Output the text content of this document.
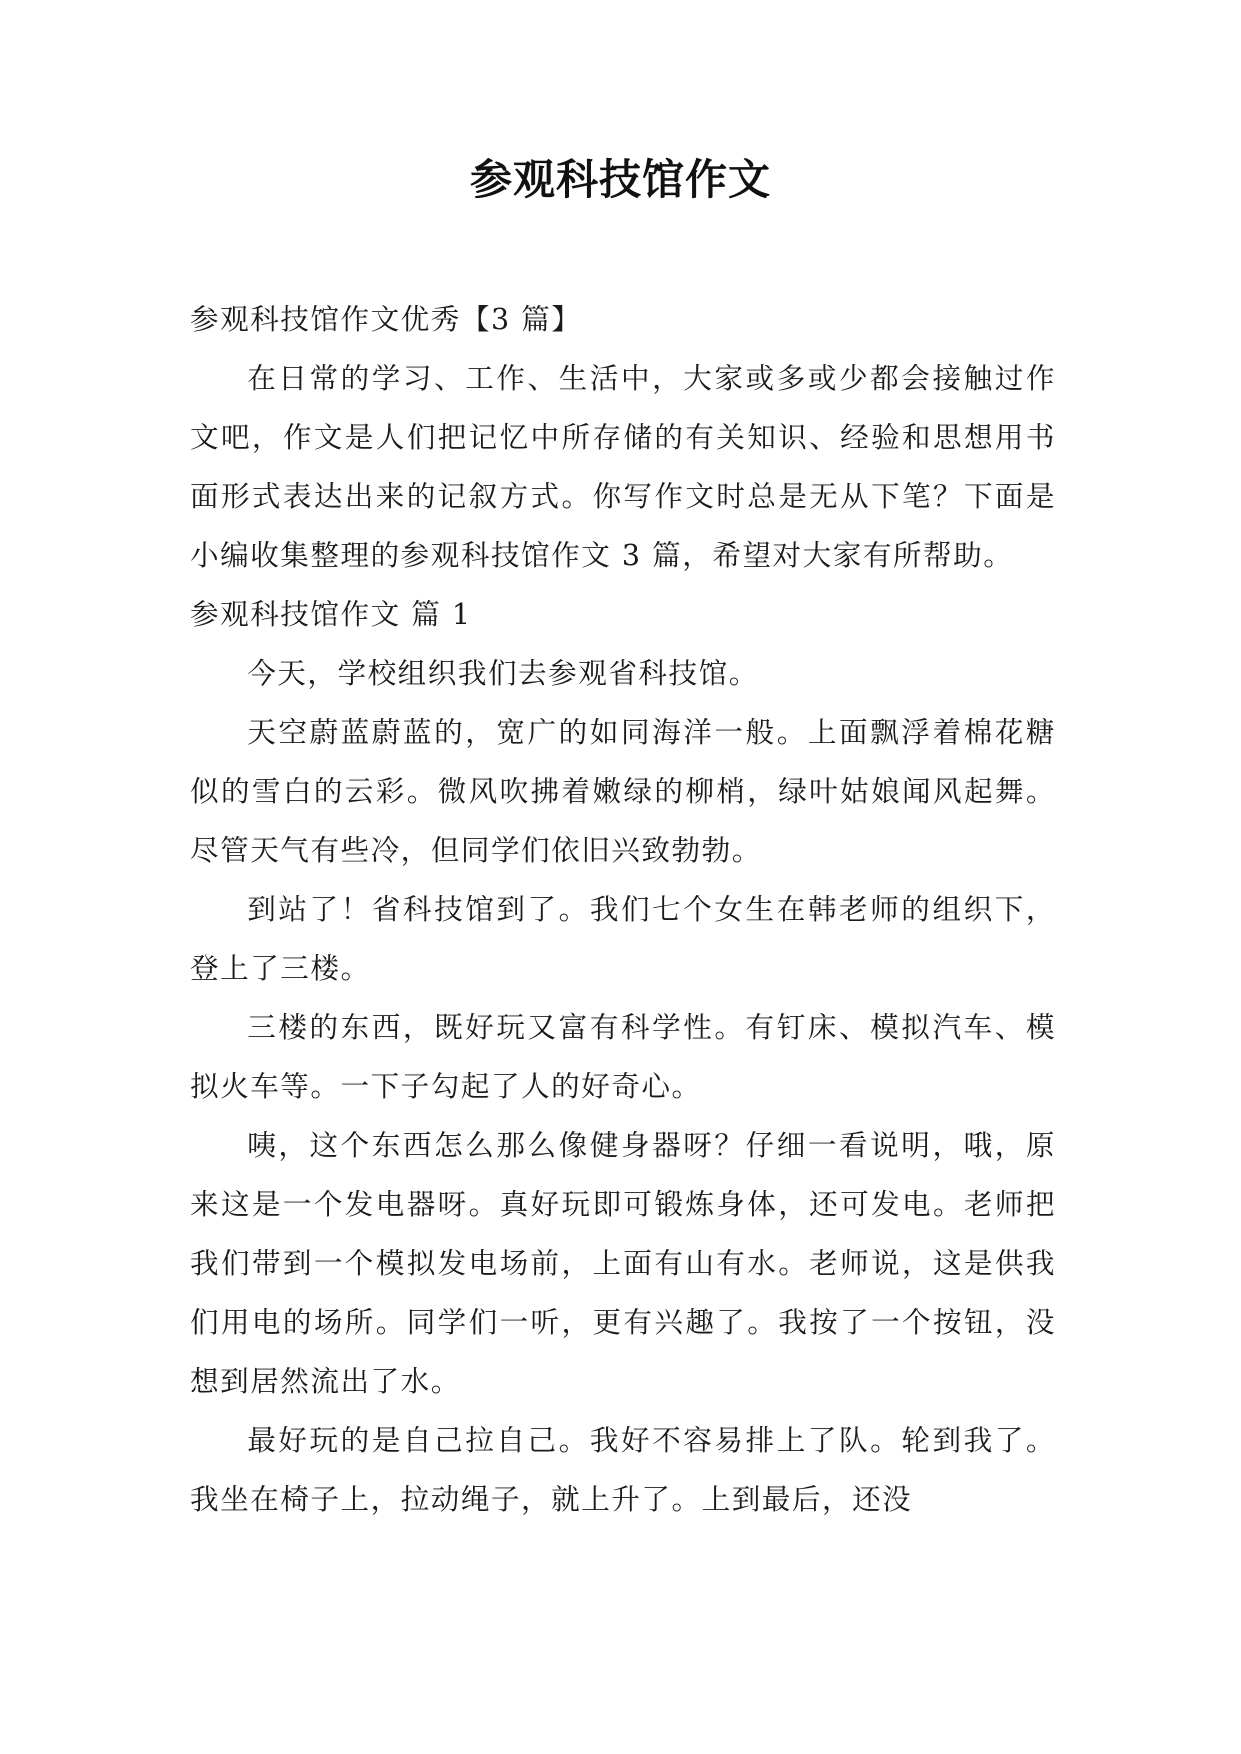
参观科技馆作文

参观科技馆作文优秀【3 篇】

在日常的学习、工作、生活中，大家或多或少都会接触过作文吧，作文是人们把记忆中所存储的有关知识、经验和思想用书面形式表达出来的记叙方式。你写作文时总是无从下笔？下面是小编收集整理的参观科技馆作文 3 篇，希望对大家有所帮助。

参观科技馆作文 篇 1

今天，学校组织我们去参观省科技馆。

天空蔚蓝蔚蓝的，宽广的如同海洋一般。上面飘浮着棉花糖似的雪白的云彩。微风吹拂着嫩绿的柳梢，绿叶姑娘闻风起舞。尽管天气有些冷，但同学们依旧兴致勃勃。

到站了！省科技馆到了。我们七个女生在韩老师的组织下，登上了三楼。

三楼的东西，既好玩又富有科学性。有钉床、模拟汽车、模拟火车等。一下子勾起了人的好奇心。

咦，这个东西怎么那么像健身器呀？仔细一看说明，哦，原来这是一个发电器呀。真好玩即可锻炼身体，还可发电。老师把我们带到一个模拟发电场前，上面有山有水。老师说，这是供我们用电的场所。同学们一听，更有兴趣了。我按了一个按钮，没想到居然流出了水。

最好玩的是自己拉自己。我好不容易排上了队。轮到我了。我坐在椅子上，拉动绳子，就上升了。上到最后，还没
